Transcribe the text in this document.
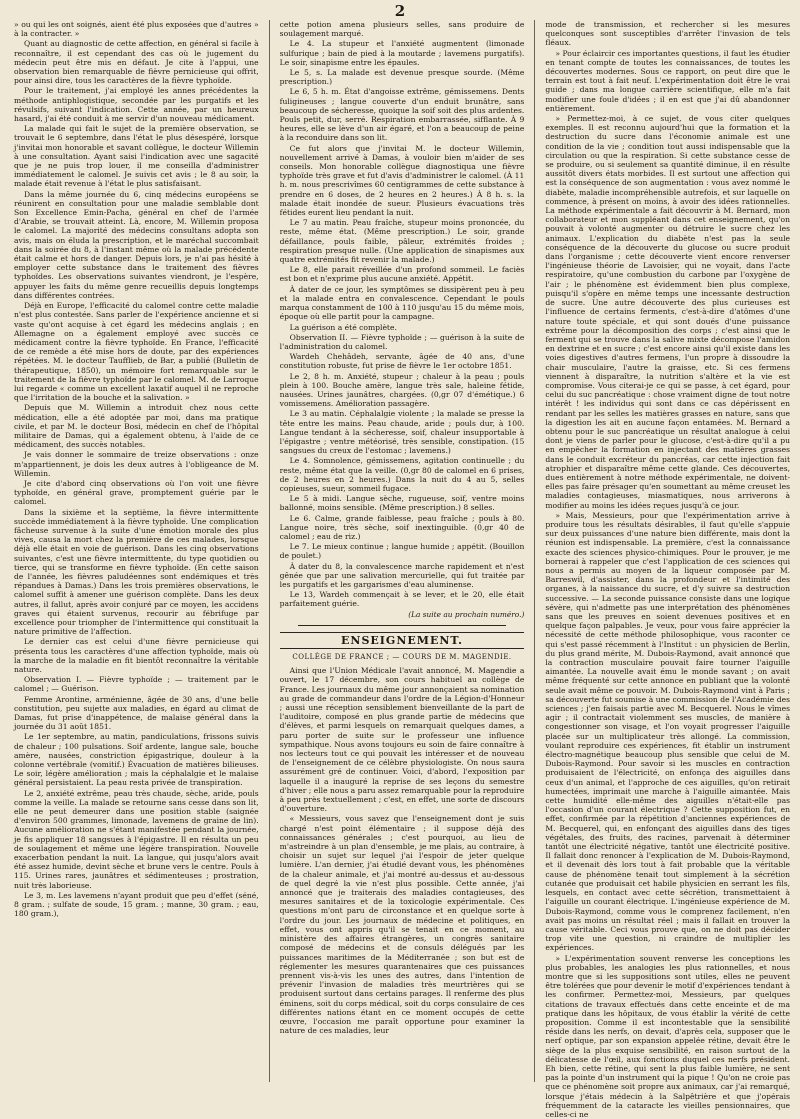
2

» ou qui les ont soignés, aient été plus exposées que d'autres » à la contracter. »

Quant au diagnostic de cette affection, en général si facile à reconnaître, il est cependant des cas où le jugement du médecin peut être mis en défaut. Je cite à l'appui, une observation bien remarquable de fièvre pernicieuse qui offrit, pour ainsi dire, tous les caractères de la fièvre typhoïde.

Pour le traitement, j'ai employé les annes précédentes la méthode antiphlogistique, secondée par les purgatifs et les révulsifs, suivant l'indication. Cette année, par un heureux hasard, j'ai été conduit à me servir d'un nouveau médicament.

La malade qui fait le sujet de la première observation, se trouvait le 6 septembre, dans l'état le plus désespéré, lorsque j'invitai mon honorable et savant collègue, le docteur Willemin à une consultation. Ayant saisi l'indication avec une sagacité que je ne puis trop louer, il me conseilla d'administrer immédiatement le calomel. Je suivis cet avis ; le 8 au soir, la malade était revenue à l'état le plus satisfaisant.

Dans la même journée du 6, cinq médecins européens se réunirent en consultation pour une maladie semblable dont Son Excellence Emin-Pacha, général en chef de l'armée d'Arabie, se trouvait atteint. Là, encore, M. Willemin proposa le calomel. La majorité des médecins consultans adopta son avis, mais on éluda la prescription, et le maréchal succombait dans la soirée du 8, à l'instant même où la malade précédente était calme et hors de danger. Depuis lors, je n'ai pas hésité à employer cette substance dans le traitement des fièvres typhoïdes. Les observations suivantes viendront, je l'espère, appuyer les faits du même genre recueillis depuis longtemps dans différentes contrées.

Déjà en Europe, l'efficacité du calomel contre cette maladie n'est plus contestée. Sans parler de l'expérience ancienne et si vaste qu'ont acquise à cet égard les médecins anglais ; en Allemagne on a également employé avec succès ce médicament contre la fièvre typhoïde. En France, l'efficacité de ce remède a été mise hors de doute, par des expériences répétées. M. le docteur Taufflieb, de Bar, a publié (Bulletin de thérapeutique, 1850), un mémoire fort remarquable sur le traitement de la fièvre typhoïde par le calomel. M. de Larroque lui regarde « comme un excellent laxatif auquel il ne reproche que l'irritation de la bouche et la salivation. »

Depuis que M. Willemin a introduit chez nous cette médication, elle a été adoptée par moi, dans ma pratique civile, et par M. le docteur Bosi, médecin en chef de l'hôpital militaire de Damas, qui a également obtenu, à l'aide de ce médicament, des succès notables.

Je vais donner le sommaire de treize observations : onze m'appartiennent, je dois les deux autres à l'obligeance de M. Willemin.

Je cite d'abord cinq observations où l'on voit une fièvre typhoïde, en général grave, promptement guérie par le calomel.

Dans la sixième et la septième, la fièvre intermittente succède immédiatement à la fièvre typhoïde. Une complication fâcheuse survenue à la suite d'une émotion morale des plus vives, causa la mort chez la première de ces malades, lorsque déjà elle était en voie de guérison. Dans les cinq observations suivantes, c'est une fièvre intermittente, du type quotidien ou tierce, qui se transforme en fièvre typhoïde. (En cette saison de l'année, les fièvres paludéennes sont endémiques et très répandues à Damas.) Dans les trois premières observations, le calomel suffit à amener une guérison complète. Dans les deux autres, il fallut, après avoir conjuré par ce moyen, les accidens graves qui étaient survenus, recourir au fébrifuge par excellence pour triompher de l'intermittence qui constituait la nature primitive de l'affection.

Le dernier cas est celui d'une fièvre pernicieuse qui présenta tous les caractères d'une affection typhoïde, mais où la marche de la maladie en fit bientôt reconnaître la véritable nature.

Observation I. — Fièvre typhoïde ; — traitement par le calomel ; — Guérison.

Femme Arontine, arménienne, âgée de 30 ans, d'une belle constitution, peu sujette aux maladies, en égard au climat de Damas, fut prise d'inappétence, de malaise général dans la journée du 31 août 1851.

Le 1er septembre, au matin, pandiculations, frissons suivis de chaleur ; 100 pulsations. Soif ardente, langue sale, bouche amère, nausées, constriction épigastrique, douleur à la colonne vertébrale (vomitif.) Évacuation de matières bilieuses. Le soir, légère amélioration ; mais la céphalalgie et le malaise général persistaient. La peau resta privée de transpiration.

Le 2, anxiété extrême, peau très chaude, sèche, aride, pouls comme la veille. La malade se retourne sans cesse dans son lit, elle ne peut demeurer dans une position stable (saignée d'environ 500 grammes, limonade, lavemens de graine de lin). Aucune amélioration ne s'étant manifestée pendant la journée, je fis appliquer 18 sangsues à l'épigastre. Il en résulta un peu de soulagement et même une légère transpiration. Nouvelle exacerbation pendant la nuit. La langue, qui jusqu'alors avait été assez humide, devint sèche et brune vers le centre. Pouls à 115. Urines rares, jaunâtres et sédimenteuses ; prostration, nuit très laborieuse.

Le 3, m. Les lavemens n'ayant produit que peu d'effet (séné, 8 gram. ; sulfate de soude, 15 gram. ; manne, 30 gram. ; eau, 180 gram.),

cette potion amena plusieurs selles, sans produire de soulagement marqué.

Le 4. La stupeur et l'anxiété augmentent (limonade sulfurique ; bain de pied à la moutarde ; lavemens purgatifs). Le soir, sinapisme entre les épaules.

Le 5, s. La malade est devenue presque sourde. (Même prescription.)

Le 6, 5 h. m. État d'angoisse extrême, gémissemens. Dents fuligineuses ; langue couverte d'un enduit brunâtre, sans beaucoup de sécheresse, quoique la soif soit des plus ardentes. Pouls petit, dur, serré. Respiration embarrassée, sifflante. À 9 heures, elle se lève d'un air égaré, et l'on a beaucoup de peine à la reconduire dans son lit.

Ce fut alors que j'invitai M. le docteur Willemin, nouvellement arrivé à Damas, à vouloir bien m'aider de ses conseils. Mon honorable collègue diagnostiqua une fièvre typhoïde très grave et fut d'avis d'administrer le calomel. (À 11 h. m. nous prescrivîmes 60 centigrammes de cette substance à prendre en 6 doses, de 2 heures en 2 heures.) À 8 h. s. la malade était inondée de sueur. Plusieurs évacuations très fétides eurent lieu pendant la nuit.

Le 7 au matin. Peau fraîche, stupeur moins prononcée, du reste, même état. (Même prescription.) Le soir, grande défaillance, pouls faible, pâleur, extrémités froides ; respiration presque nulle. (Une application de sinapismes aux quatre extrémités fit revenir la malade.)

Le 8, elle parait réveillée d'un profond sommeil. Le faciès est bon et n'exprime plus aucune anxiété. Appétit.

À dater de ce jour, les symptômes se dissipèrent peu à peu et la malade entra en convalescence. Cependant le pouls marqua constamment de 100 à 110 jusqu'au 15 du même mois, époque où elle partit pour la campagne.

La guérison a été complète.

Observation II. — Fièvre typhoïde ; — guérison à la suite de l'administration du calomel.

Wardeh Chehâdeh, servante, âgée de 40 ans, d'une constitution robuste, fut prise de fièvre le 1er octobre 1851.

Le 2, 8 h. m. Anxiété, stupeur ; chaleur à la peau ; pouls plein à 100. Bouche amère, langue très sale, haleine fétide, nausées. Urines jaunâtres, chargées. (0,gr 07 d'émétique.) 6 vomissemens. Amélioration passagère.

Le 3 au matin. Céphalalgie violente ; la malade se presse la tête entre les mains. Peau chaude, aride ; pouls dur, à 100. Langue tendant à la sécheresse, soif, chaleur insupportable à l'épigastre ; ventre météorisé, très sensible, constipation. (15 sangsues du creux de l'estomac ; lavemens.)

Le 4. Somnolence, gémissemens, agitation continuelle ; du reste, même état que la veille. (0,gr 80 de calomel en 6 prises, de 2 heures en 2 heures.) Dans la nuit du 4 au 5, selles copieuses, sueur, sommeil fugace.

Le 5 à midi. Langue sèche, rugueuse, soif, ventre moins ballonné, moins sensible. (Même prescription.) 8 selles.

Le 6. Calme, grande faiblesse, peau fraîche ; pouls à 80. Langue noire, très sèche, soif inextinguible. (0,gr 40 de calomel ; eau de riz.)

Le 7. Le mieux continue ; langue humide ; appétit. (Bouillon de poulet.)

À dater du 8, la convalescence marche rapidement et n'est gênée que par une salivation mercurielle, qui fut traitée par les purgatifs et les gargarismes d'eau aluminense.

Le 13, Wardeh commençait à se lever, et le 20, elle était parfaitement guérie.

(La suite au prochain numéro.)

ENSEIGNEMENT.
COLLÈGE DE FRANCE ; — COURS DE M. MAGENDIE.

Ainsi que l'Union Médicale l'avait annoncé, M. Magendie a ouvert, le 17 décembre, son cours habituel au collège de France. Les journaux du même jour annonçaient sa nomination au grade de commandeur dans l'ordre de la Légion-d'Honneur ; aussi une réception sensiblement bienveillante de la part de l'auditoire, composé en plus grande partie de médecins que d'élèves, et parmi lesquels on remarquait quelques dames, a paru porter de suite sur le professeur une influence sympathique. Nous avons toujours eu soin de faire connaître à nos lecteurs tout ce qui pouvait les intéresser et de nouveau de l'enseignement de ce célèbre physiologiste. On nous saura assurément gré de continuer. Voici, d'abord, l'exposition par laquelle il a inauguré la reprise de ses leçons du semestre d'hiver ; elle nous a paru assez remarquable pour la reproduire à peu près textuellement ; c'est, en effet, une sorte de discours d'ouverture.

« Messieurs, vous savez que l'enseignement dont je suis chargé n'est point élémentaire ; il suppose déjà des connaissances générales ; c'est pourquoi, au lieu de m'astreindre à un plan d'ensemble, je me plais, au contraire, à choisir un sujet sur lequel j'ai l'espoir de jeter quelque lumière. L'an dernier, j'ai étudié devant vous, les phénomènes de la chaleur animale, et j'ai montré au-dessus et au-dessous de quel degré la vie n'est plus possible. Cette année, j'ai annoncé que je traiterais des maladies contagieuses, des mesures sanitaires et de la toxicologie expérimentale. Ces questions m'ont paru de circonstance et en quelque sorte à l'ordre du jour. Les journaux de médecine et politiques, en effet, vous ont appris qu'il se tenait en ce moment, au ministère des affaires étrangères, un congrès sanitaire composé de médecins et de consuls délégués par les puissances maritimes de la Méditerranée ; son but est de réglementer les mesures quarantenaires que ces puissances prennent vis-à-vis les unes des autres, dans l'intention de prévenir l'invasion de maladies très meurtrières qui se produisent surtout dans certains parages. Il renferme des plus éminens, soit du corps médical, soit du corps consulaire de ces différentes nations étant en ce moment occupés de cette œuvre, l'occasion me paraît opportune pour examiner la nature de ces maladies, leur

mode de transmission, et rechercher si les mesures quelconques sont susceptibles d'arrêter l'invasion de tels fléaux.

» Pour éclaircir ces importantes questions, il faut les étudier en tenant compte de toutes les connaissances, de toutes les découvertes modernes. Sous ce rapport, on peut dire que le terrain est tout à fait neuf. L'expérimentation doit être le vrai guide ; dans ma longue carrière scientifique, elle m'a fait modifier une foule d'idées ; il en est que j'ai dû abandonner entièrement.

» Permettez-moi, à ce sujet, de vous citer quelques exemples. Il est reconnu aujourd'hui que la formation et la destruction du sucre dans l'économie animale est une condition de la vie ; condition tout aussi indispensable que la circulation ou que la respiration. Si cette substance cesse de se produire, ou si seulement sa quantité diminue, il en résulte aussitôt divers états morbides. Il est surtout une affection qui est la conséquence de son augmentation : vous avez nommé le diabète, maladie incompréhensible autrefois, et sur laquelle on commence, à présent on moins, à avoir des idées rationnelles. La méthode expérimentale a fait découvrir à M. Bernard, mon collaborateur et mon suppléant dans cet enseignement, qu'on pouvait à volonté augmenter ou détruire le sucre chez les animaux. L'explication du diabète n'est pas la seule conséquence de la découverte du glucose ou sucre produit dans l'organisme ; cette découverte vient encore renverser l'ingénieuse théorie de Lavoisier, qui ne voyait, dans l'acte respiratoire, qu'une combustion du carbone par l'oxygène de l'air ; le phénomène est évidemment bien plus complexe, puisqu'il s'opère en même temps une incessante destruction de sucre. Une autre découverte des plus curieuses est l'influence de certains ferments, c'est-à-dire d'atômes d'une nature toute spéciale, et qui sont doués d'une puissance extrême pour la décomposition des corps ; c'est ainsi que le ferment qui se trouve dans la salive mixte décompose l'amidon en dextrine et en sucre ; c'est encore ainsi qu'il existe dans les voies digestives d'autres fermens, l'un propre à dissoudre la chair musculaire, l'autre la graisse, etc. Si ces fermens viennent à disparaître, la nutrition s'altère et la vie est compromise. Vous citerai-je ce qui se passe, à cet égard, pour celui du suc pancréatique : chose vraiment digne de tout notre intérêt ! les individus qui sont dans ce cas dépérissent en rendant par les selles les matières grasses en nature, sans que la digestion les ait en aucune façon entamées. M. Bernard a obtenu pour le suc pancréatique un résultat analogue à celui dont je viens de parler pour le glucose, c'est-à-dire qu'il a pu en empêcher la formation en injectant des matières grasses dans le conduit excréteur du pancréas, car cette injection fait atrophier et disparaître même cette glande. Ces découvertes, dues entièrement à notre méthode expérimentale, ne doivent-elles pas faire présager qu'en soumettant au même creuset les maladies contagieuses, miasmatiques, nous arriverons à modifier au moins les idées reçues jusqu'à ce jour.

» Mais, Messieurs, pour que l'expérimentation arrive à produire tous les résultats désirables, il faut qu'elle s'appuie sur deux puissances d'une nature bien différente, mais dont la réunion est indispensable. La première, c'est la connaissance exacte des sciences physico-chimiques. Pour le prouver, je me bornerai à rappeler que c'est l'application de ces sciences qui nous a permis au moyen de la liqueur composée par M. Barreswil, d'assister, dans la profondeur et l'intimité des organes, à la naissance du sucre, et d'y suivre sa destruction successive. — La seconde puissance consiste dans une logique sévère, qui n'admette pas une interprétation des phénomènes sans que les preuves en soient devenues positives et en quelque façon palpables. Je veux, pour vous faire apprécier la nécessité de cette méthode philosophique, vous raconter ce qui s'est passé récemment à l'Institut : un physicien de Berlin, du plus grand mérite, M. Dubois-Raymond, avait annoncé que la contraction musculaire pouvait faire tourner l'aiguille aimantée. La nouvelle avait ému le monde savant ; on avait même fréquenté sur cette annonce en publiant que la volonté seule avait même ce pouvoir. M. Dubois-Raymond vint à Paris ; sa découverte fut soumise à une commission de l'Académie des sciences ; j'en faisais partie avec M. Becquerel. Nous le vîmes agir ; il contractait violemment ses muscles, de manière à congestionner son visage, et l'on voyait progresser l'aiguille placée sur un multiplicateur très allongé. La commission, voulant reproduire ces expériences, fit établir un instrument électro-magnétique beaucoup plus sensible que celui de M. Dubois-Raymond. Pour savoir si les muscles en contraction produisaient de l'électricité, on enfonça des aiguilles dans ceux d'un animal, et l'approche de ces aiguilles, qu'on retirait humectées, imprimait une marche à l'aiguille aimantée. Mais cette humidité elle-même des aiguilles n'était-elle pas l'occasion d'un courant électrique ? Cette supposition fut, en effet, confirmée par la répétition d'anciennes expériences de M. Becquerel, qui, en enfonçant des aiguilles dans des tiges végétales, des fruits, des racines, parvenait à déterminer tantôt une électricité négative, tantôt une électricité positive. Il fallait donc renoncer à l'explication de M. Dubois-Raymond, et il devenait dès lors tout à fait probable que la véritable cause de phénomène tenait tout simplement à la sécrétion cutanée que produisait cet habile physicien en serrant les fils, lesquels, en contact avec cette sécrétion, transmettaient à l'aiguille un courant électrique. L'ingénieuse expérience de M. Dubois-Raymond, comme vous le comprenez facilement, n'en avait pas moins un résultat réel ; mais il fallait en trouver la cause véritable. Ceci vous prouve que, on ne doit pas décider trop vite une question, ni craindre de multiplier les expériences.

» L'expérimentation souvent renverse les conceptions les plus probables, les analogies les plus rationnelles, et nous montre que si les suppositions sont utiles, elles ne peuvent être tolérées que pour devenir le motif d'expériences tendant à les confirmer. Permettez-moi, Messieurs, par quelques citations de travaux effectués dans cette enceinte et de ma pratique dans les hôpitaux, de vous établir la vérité de cette proposition. Comme il est incontestable que la sensibilité réside dans les nerfs, on devait, d'après cela, supposer que le nerf optique, par son expansion appelée rétine, devait être le siège de la plus exquise sensibilité, en raison surtout de la délicatesse de l'œil, aux fonctions duquel ces nerfs président. Eh bien, cette rétine, qui sent la plus faible lumière, ne sent pas la pointe d'un instrument qui la pique ! Qu'on ne croie pas que ce phénomène soit propre aux animaux, car j'ai remarqué, lorsque j'étais médecin à la Salpêtrière et que j'opérais fréquemment de la cataracte les vieilles pensionnaires, que celles-ci ne
